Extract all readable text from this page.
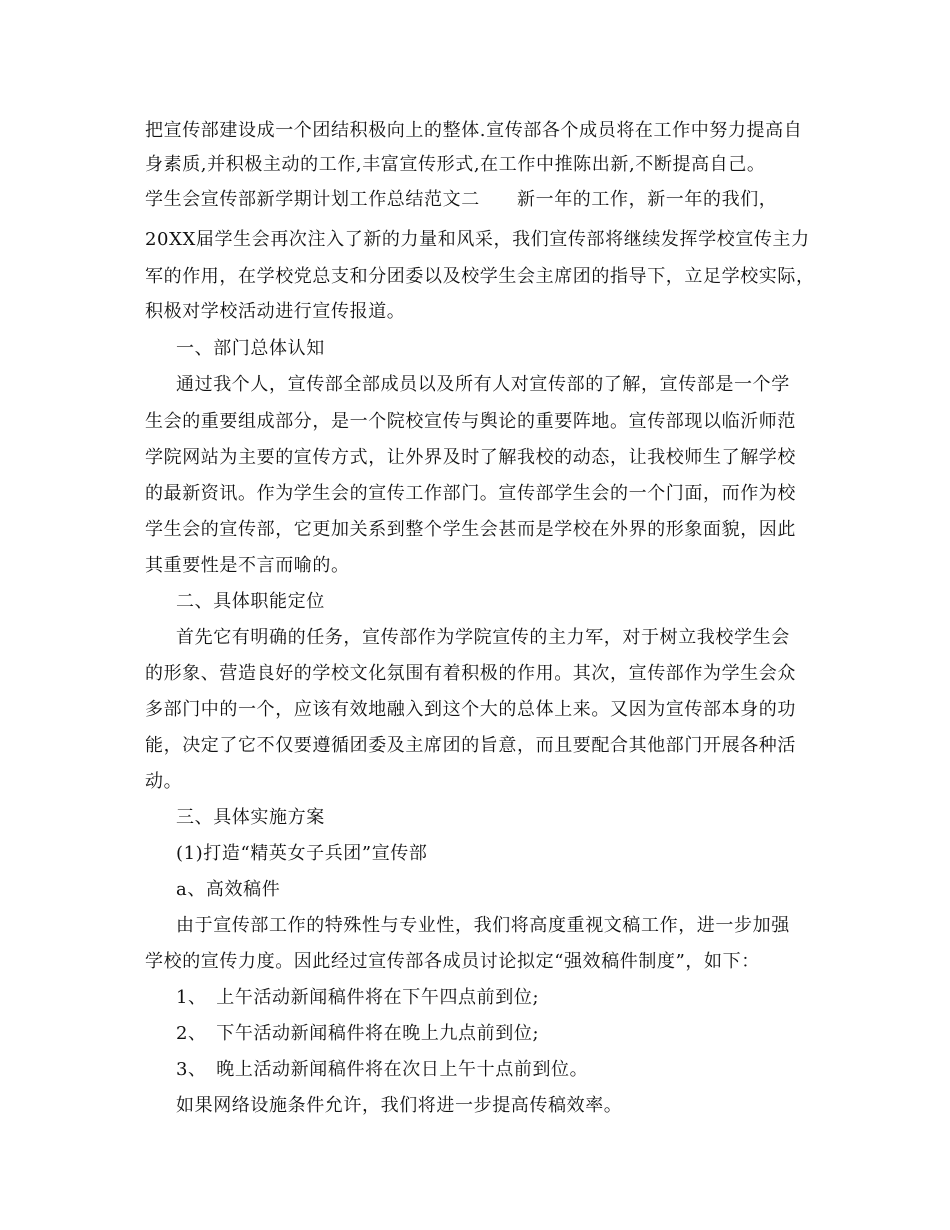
把宣传部建设成一个团结积极向上的整体.宣传部各个成员将在工作中努力提高自
身素质,并积极主动的工作,丰富宣传形式,在工作中推陈出新,不断提高自己。
学生会宣传部新学期计划工作总结范文二　　新一年的工作，新一年的我们，
20XX届学生会再次注入了新的力量和风采，我们宣传部将继续发挥学校宣传主力
军的作用，在学校党总支和分团委以及校学生会主席团的指导下，立足学校实际，
积极对学校活动进行宣传报道。
一、部门总体认知
通过我个人，宣传部全部成员以及所有人对宣传部的了解，宣传部是一个学
生会的重要组成部分，是一个院校宣传与舆论的重要阵地。宣传部现以临沂师范
学院网站为主要的宣传方式，让外界及时了解我校的动态，让我校师生了解学校
的最新资讯。作为学生会的宣传工作部门。宣传部学生会的一个门面，而作为校
学生会的宣传部，它更加关系到整个学生会甚而是学校在外界的形象面貌，因此
其重要性是不言而喻的。
二、具体职能定位
首先它有明确的任务，宣传部作为学院宣传的主力军，对于树立我校学生会
的形象、营造良好的学校文化氛围有着积极的作用。其次，宣传部作为学生会众
多部门中的一个，应该有效地融入到这个大的总体上来。又因为宣传部本身的功
能，决定了它不仅要遵循团委及主席团的旨意，而且要配合其他部门开展各种活
动。
三、具体实施方案
(1)打造“精英女子兵团”宣传部
a、高效稿件
由于宣传部工作的特殊性与专业性，我们将高度重视文稿工作，进一步加强
学校的宣传力度。因此经过宣传部各成员讨论拟定“强效稿件制度”，如下：
1、　上午活动新闻稿件将在下午四点前到位;
2、　下午活动新闻稿件将在晚上九点前到位;
3、　晚上活动新闻稿件将在次日上午十点前到位。
如果网络设施条件允许，我们将进一步提高传稿效率。
